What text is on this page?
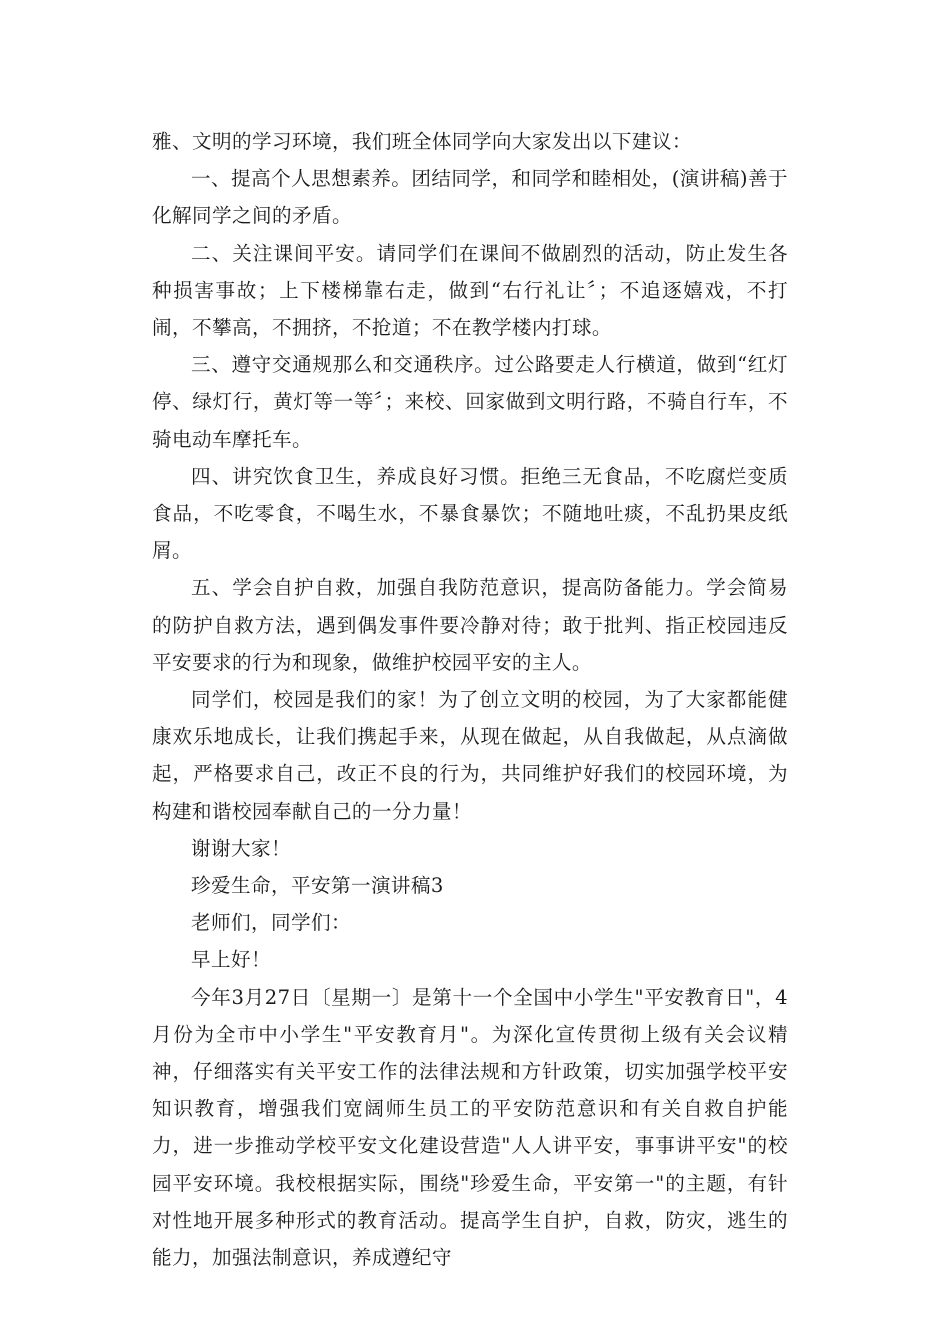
雅、文明的学习环境，我们班全体同学向大家发出以下建议：

一、提高个人思想素养。团结同学，和同学和睦相处，(演讲稿)善于化解同学之间的矛盾。

二、关注课间平安。请同学们在课间不做剧烈的活动，防止发生各种损害事故；上下楼梯靠右走，做到“右行礼让〞；不追逐嬉戏，不打闹，不攀高，不拥挤，不抢道；不在教学楼内打球。

三、遵守交通规那么和交通秩序。过公路要走人行横道，做到“红灯停、绿灯行，黄灯等一等〞；来校、回家做到文明行路，不骑自行车，不骑电动车摩托车。

四、讲究饮食卫生，养成良好习惯。拒绝三无食品，不吃腐烂变质食品，不吃零食，不喝生水，不暴食暴饮；不随地吐痰，不乱扔果皮纸屑。

五、学会自护自救，加强自我防范意识，提高防备能力。学会简易的防护自救方法，遇到偶发事件要冷静对待；敢于批判、指正校园违反平安要求的行为和现象，做维护校园平安的主人。

同学们，校园是我们的家！为了创立文明的校园，为了大家都能健康欢乐地成长，让我们携起手来，从现在做起，从自我做起，从点滴做起，严格要求自己，改正不良的行为，共同维护好我们的校园环境，为构建和谐校园奉献自己的一分力量！

谢谢大家！

珍爱生命，平安第一演讲稿3

老师们，同学们：

早上好！

今年3月27日〔星期一〕是第十一个全国中小学生"平安教育日"，4月份为全市中小学生"平安教育月"。为深化宣传贯彻上级有关会议精神，仔细落实有关平安工作的法律法规和方针政策，切实加强学校平安知识教育，增强我们宽阔师生员工的平安防范意识和有关自救自护能力，进一步推动学校平安文化建设营造"人人讲平安，事事讲平安"的校园平安环境。我校根据实际，围绕"珍爱生命，平安第一"的主题，有针对性地开展多种形式的教育活动。提高学生自护，自救，防灾，逃生的能力，加强法制意识，养成遵纪守
